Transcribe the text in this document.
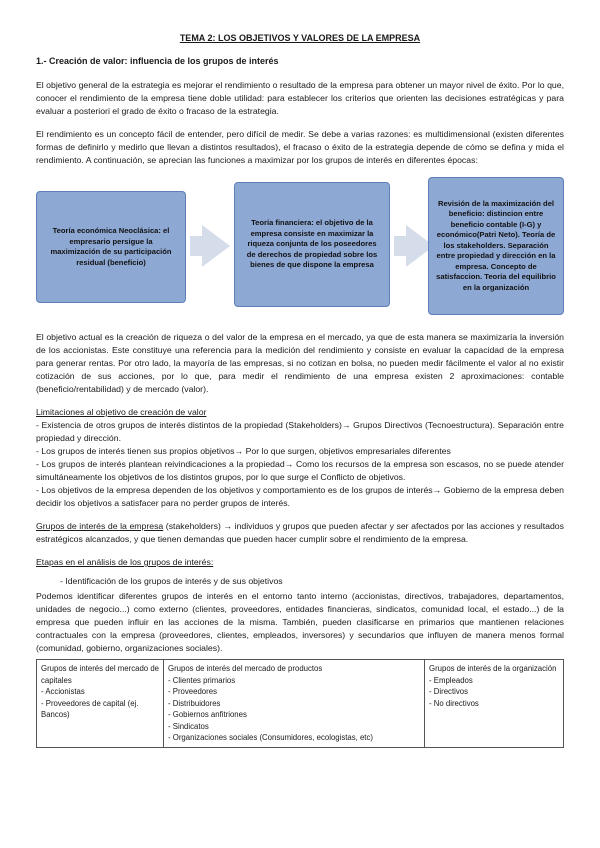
TEMA 2: LOS OBJETIVOS Y VALORES DE LA EMPRESA
1.- Creación de valor: influencia de los grupos de interés

El objetivo general de la estrategia es mejorar el rendimiento o resultado de la empresa para obtener un mayor nivel de éxito. Por lo que, conocer el rendimiento de la empresa tiene doble utilidad: para establecer los criterios que orienten las decisiones estratégicas y para evaluar a posteriori el grado de éxito o fracaso de la estrategia.

El rendimiento es un concepto fácil de entender, pero difícil de medir. Se debe a varias razones: es multidimensional (existen diferentes formas de definirlo y medirlo que llevan a distintos resultados), el fracaso o éxito de la estrategia depende de cómo se defina y mida el rendimiento. A continuación, se aprecian las funciones a maximizar por los grupos de interés en diferentes épocas:

Teoría económica Neoclásica: el empresario persigue la maximización de su participación residual (beneficio)
Teoría financiera: el objetivo de la empresa consiste en maximizar la riqueza conjunta de los poseedores de derechos de propiedad sobre los bienes de que dispone la empresa
Revisión de la maximización del beneficio: distincion entre beneficio contable (I-G) y económico(Patri Neto). Teoría de los stakeholders. Separación entre propiedad y dirección en la empresa. Concepto de satisfaccion. Teoría del equilibrio en la organización

El objetivo actual es la creación de riqueza o del valor de la empresa en el mercado, ya que de esta manera se maximizaría la inversión de los accionistas. Este constituye una referencia para la medición del rendimiento y consiste en evaluar la capacidad de la empresa para generar rentas. Por otro lado, la mayoría de las empresas, si no cotizan en bolsa, no pueden medir fácilmente el valor al no existir cotización de sus acciones, por lo que, para medir el rendimiento de una empresa existen 2 aproximaciones: contable (beneficio/rentabilidad) y de mercado (valor).

Limitaciones al objetivo de creación de valor

- Existencia de otros grupos de interés distintos de la propiedad (Stakeholders)→ Grupos Directivos (Tecnoestructura). Separación entre propiedad y dirección.

- Los grupos de interés tienen sus propios objetivos→ Por lo que surgen, objetivos empresariales diferentes

- Los grupos de interés plantean reivindicaciones a la propiedad→ Como los recursos de la empresa son escasos, no se puede atender simultáneamente los objetivos de los distintos grupos, por lo que surge el Conflicto de objetivos.

- Los objetivos de la empresa dependen de los objetivos y comportamiento es de los grupos de interés→ Gobierno de la empresa deben decidir los objetivos a satisfacer para no perder grupos de interés.

Grupos de interés de la empresa (stakeholders) → individuos y grupos que pueden afectar y ser afectados por las acciones y resultados estratégicos alcanzados, y que tienen demandas que pueden hacer cumplir sobre el rendimiento de la empresa.

Etapas en el análisis de los grupos de interés:

- Identificación de los grupos de interés y de sus objetivos

Podemos identificar diferentes grupos de interés en el entorno tanto interno (accionistas, directivos, trabajadores, departamentos, unidades de negocio...) como externo (clientes, proveedores, entidades financieras, sindicatos, comunidad local, el estado...) de la empresa que pueden influir en las acciones de la misma. También, pueden clasificarse en primarios que mantienen relaciones contractuales con la empresa (proveedores, clientes, empleados, inversores) y secundarios que influyen de manera menos formal (comunidad, gobierno, organizaciones sociales).

Grupos de interés del mercado de capitales
- Accionistas
- Proveedores de capital (ej. Bancos)

Grupos de interés del mercado de productos
- Clientes primarios
- Proveedores
- Distribuidores
- Gobiernos anfitriones
- Sindicatos
- Organizaciones sociales (Consumidores, ecologistas, etc)

Grupos de interés de la organización
- Empleados
- Directivos
- No directivos
